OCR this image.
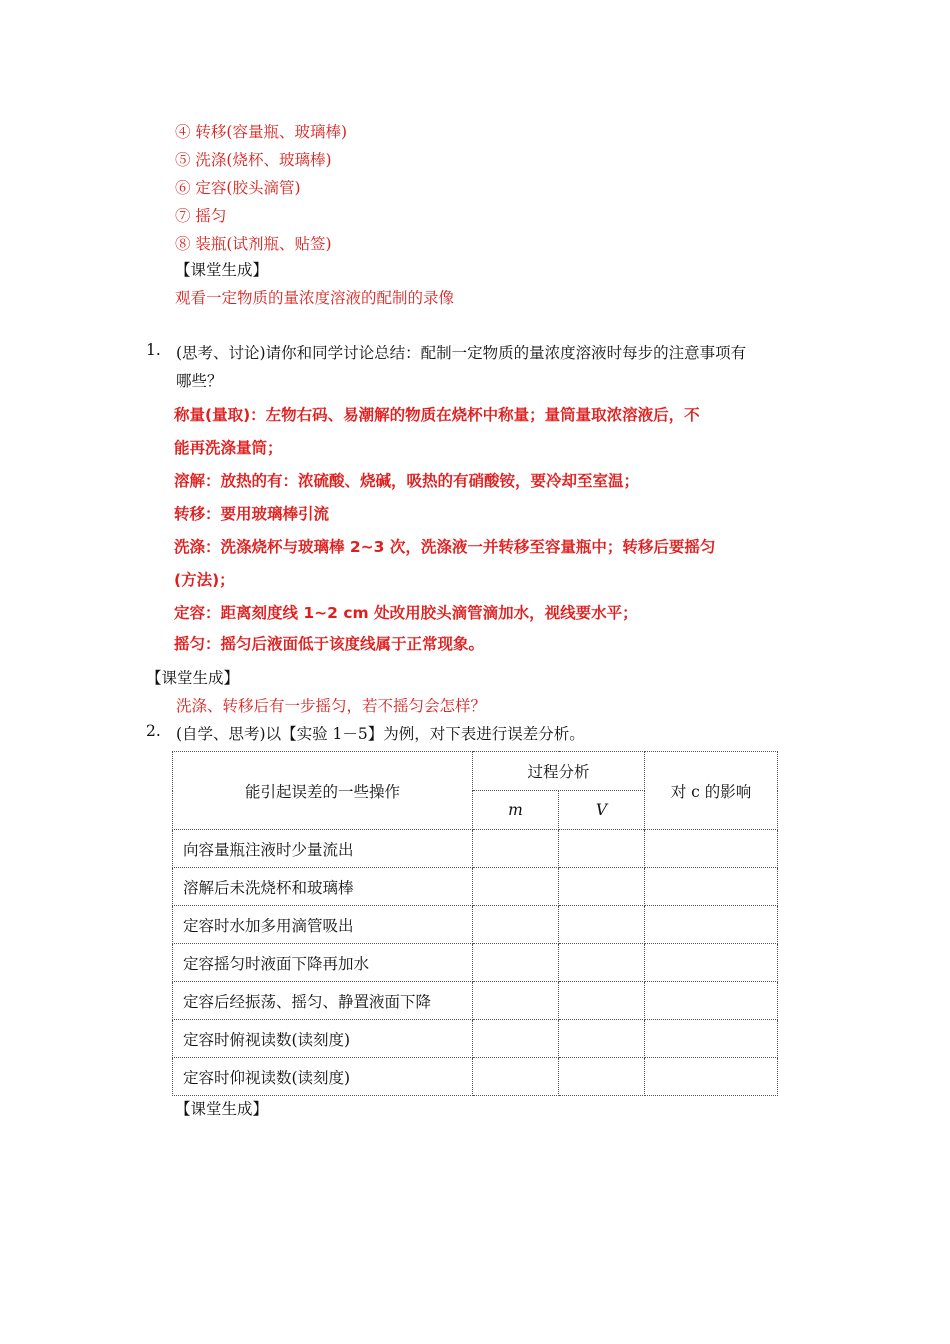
④ 转移(容量瓶、玻璃棒)
⑤ 洗涤(烧杯、玻璃棒)
⑥ 定容(胶头滴管)
⑦ 摇匀
⑧ 装瓶(试剂瓶、贴签)
【课堂生成】
观看一定物质的量浓度溶液的配制的录像
1. (思考、讨论)请你和同学讨论总结：配制一定物质的量浓度溶液时每步的注意事项有
哪些？
称量(量取)：左物右码、易潮解的物质在烧杯中称量；量筒量取浓溶液后，不
能再洗涤量筒；
溶解：放热的有：浓硫酸、烧碱，吸热的有硝酸铵，要冷却至室温；
转移：要用玻璃棒引流
洗涤：洗涤烧杯与玻璃棒 2~3 次，洗涤液一并转移至容量瓶中；转移后要摇匀
(方法)；
定容：距离刻度线 1~2 cm 处改用胶头滴管滴加水，视线要水平；
摇匀：摇匀后液面低于该度线属于正常现象。
【课堂生成】
洗涤、转移后有一步摇匀，若不摇匀会怎样？
2. (自学、思考)以【实验 1－5】为例，对下表进行误差分析。
能引起误差的一些操作	过程分析		对 c 的影响
	m	V	
向容量瓶注液时少量流出			
溶解后未洗烧杯和玻璃棒			
定容时水加多用滴管吸出			
定容摇匀时液面下降再加水			
定容后经振荡、摇匀、静置液面下降			
定容时俯视读数(读刻度)			
定容时仰视读数(读刻度)			
【课堂生成】
